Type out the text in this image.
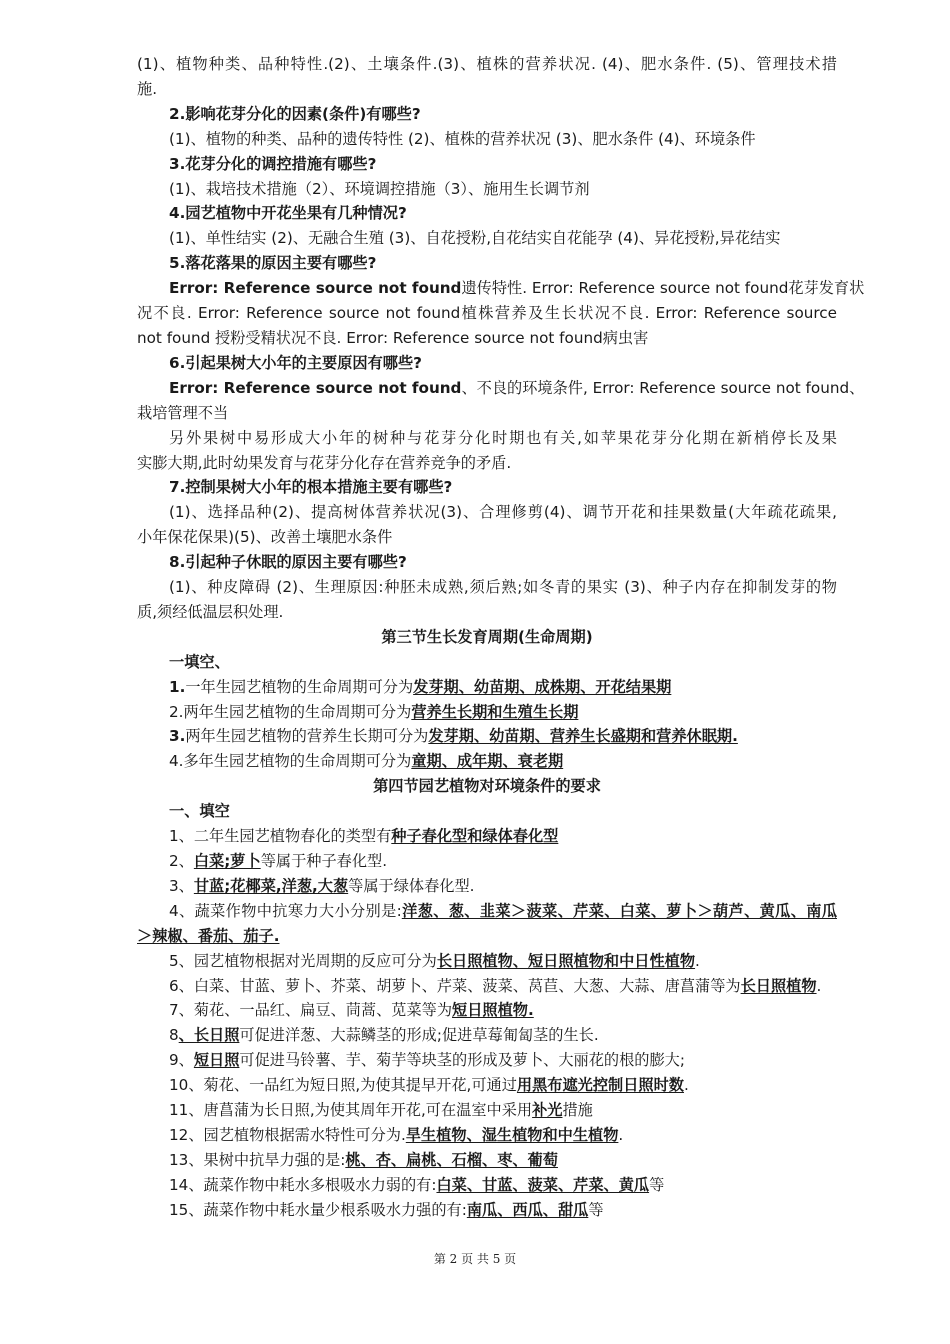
(1)、植物种类、品种特性.(2)、土壤条件.(3)、植株的营养状况. (4)、肥水条件. (5)、管理技术措
施.
2.影响花芽分化的因素(条件)有哪些?
(1)、植物的种类、品种的遗传特性 (2)、植株的营养状况 (3)、肥水条件 (4)、环境条件
3.花芽分化的调控措施有哪些?
(1)、栽培技术措施（2）、环境调控措施（3）、施用生长调节剂
4.园艺植物中开花坐果有几种情况?
(1)、单性结实 (2)、无融合生殖 (3)、自花授粉,自花结实自花能孕 (4)、异花授粉,异花结实
5.落花落果的原因主要有哪些?
Error: Reference source not found遗传特性. Error: Reference source not found花芽发育状
况不良. Error: Reference source not found植株营养及生长状况不良. Error: Reference source
not found 授粉受精状况不良. Error: Reference source not found病虫害
6.引起果树大小年的主要原因有哪些?
Error: Reference source not found、不良的环境条件, Error: Reference source not found、
栽培管理不当
另外果树中易形成大小年的树种与花芽分化时期也有关,如苹果花芽分化期在新梢停长及果
实膨大期,此时幼果发育与花芽分化存在营养竞争的矛盾.
7.控制果树大小年的根本措施主要有哪些?
(1)、选择品种(2)、提高树体营养状况(3)、合理修剪(4)、调节开花和挂果数量(大年疏花疏果,
小年保花保果)(5)、改善土壤肥水条件
8.引起种子休眠的原因主要有哪些?
(1)、种皮障碍 (2)、生理原因:种胚未成熟,须后熟;如冬青的果实 (3)、种子内存在抑制发芽的物
质,须经低温层积处理.
第三节生长发育周期(生命周期)
一填空、
1.一年生园艺植物的生命周期可分为发芽期、幼苗期、成株期、开花结果期
2.两年生园艺植物的生命周期可分为营养生长期和生殖生长期
3.两年生园艺植物的营养生长期可分为发芽期、幼苗期、营养生长盛期和营养休眠期.
4.多年生园艺植物的生命周期可分为童期、成年期、衰老期
第四节园艺植物对环境条件的要求
一、填空
1、二年生园艺植物春化的类型有种子春化型和绿体春化型
2、白菜;萝卜等属于种子春化型.
3、甘蓝;花椰菜,洋葱,大葱等属于绿体春化型.
4、蔬菜作物中抗寒力大小分别是:洋葱、葱、韭菜＞菠菜、芹菜、白菜、萝卜＞葫芦、黄瓜、南瓜
＞辣椒、番茄、茄子.
5、园艺植物根据对光周期的反应可分为长日照植物、短日照植物和中日性植物.
6、白菜、甘蓝、萝卜、芥菜、胡萝卜、芹菜、菠菜、莴苣、大葱、大蒜、唐菖蒲等为长日照植物.
7、菊花、一品红、扁豆、茼蒿、苋菜等为短日照植物.
8、长日照可促进洋葱、大蒜鳞茎的形成;促进草莓匍匐茎的生长.
9、短日照可促进马铃薯、芋、菊芋等块茎的形成及萝卜、大丽花的根的膨大;
10、菊花、一品红为短日照,为使其提早开花,可通过用黑布遮光控制日照时数.
11、唐菖蒲为长日照,为使其周年开花,可在温室中采用补光措施
12、园艺植物根据需水特性可分为.旱生植物、湿生植物和中生植物.
13、果树中抗旱力强的是:桃、杏、扁桃、石榴、枣、葡萄
14、蔬菜作物中耗水多根吸水力弱的有:白菜、甘蓝、菠菜、芹菜、黄瓜等
15、蔬菜作物中耗水量少根系吸水力强的有:南瓜、西瓜、甜瓜等
第 2 页 共 5 页
